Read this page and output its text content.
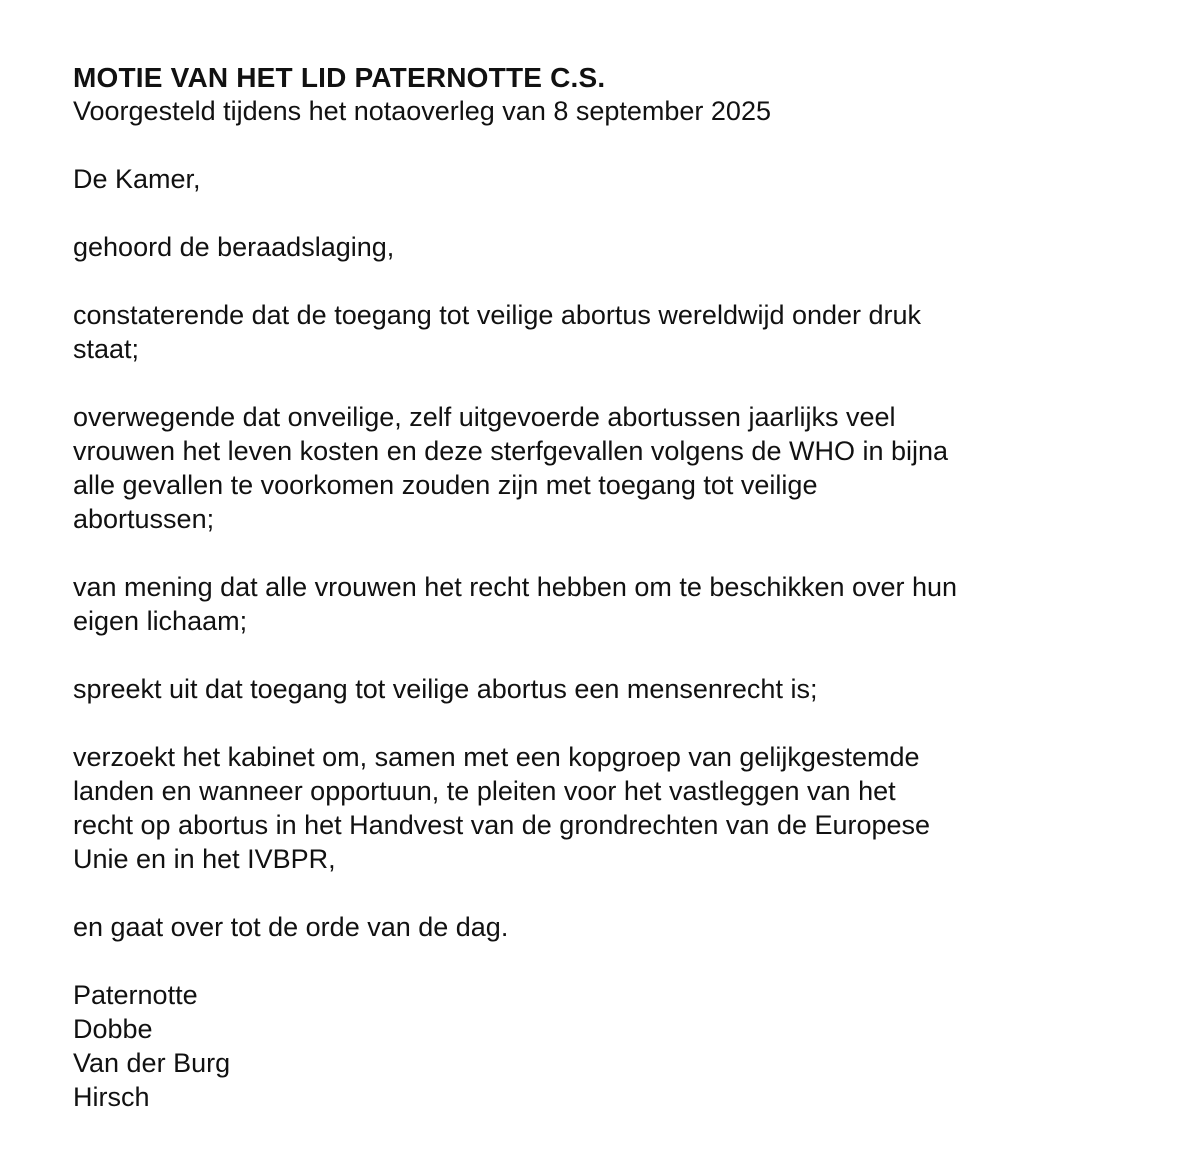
MOTIE VAN HET LID PATERNOTTE C.S.

Voorgesteld tijdens het notaoverleg van 8 september 2025

De Kamer,

gehoord de beraadslaging,

constaterende dat de toegang tot veilige abortus wereldwijd onder druk
staat;

overwegende dat onveilige, zelf uitgevoerde abortussen jaarlijks veel
vrouwen het leven kosten en deze sterfgevallen volgens de WHO in bijna
alle gevallen te voorkomen zouden zijn met toegang tot veilige
abortussen;

van mening dat alle vrouwen het recht hebben om te beschikken over hun
eigen lichaam;

spreekt uit dat toegang tot veilige abortus een mensenrecht is;

verzoekt het kabinet om, samen met een kopgroep van gelijkgestemde
landen en wanneer opportuun, te pleiten voor het vastleggen van het
recht op abortus in het Handvest van de grondrechten van de Europese
Unie en in het IVBPR,

en gaat over tot de orde van de dag.

Paternotte
Dobbe
Van der Burg
Hirsch
